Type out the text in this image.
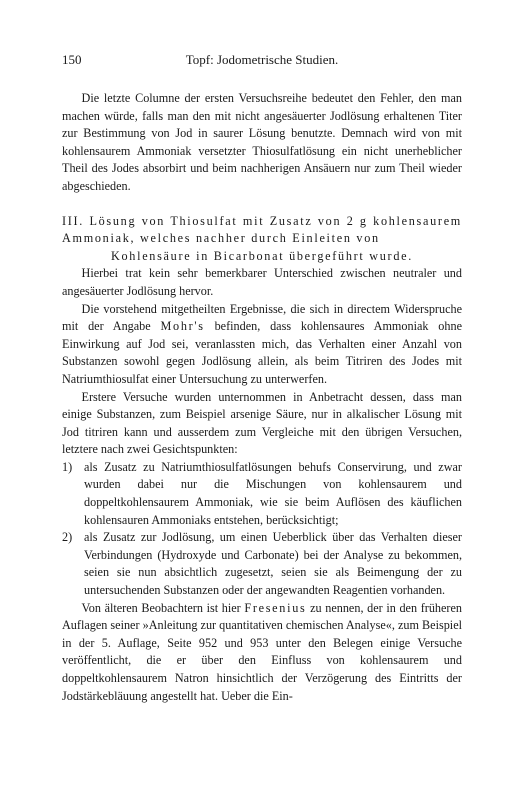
150	Topf: Jodometrische Studien.

Die letzte Columne der ersten Versuchsreihe bedeutet den Fehler, den man machen würde, falls man den mit nicht angesäuerter Jodlösung erhaltenen Titer zur Bestimmung von Jod in saurer Lösung benutzte. Demnach wird von mit kohlensaurem Ammoniak versetzter Thiosulfatlösung ein nicht unerheblicher Theil des Jodes absorbirt und beim nachherigen Ansäuern nur zum Theil wieder abgeschieden.

III. Lösung von Thiosulfat mit Zusatz von 2 g kohlensaurem Ammoniak, welches nachher durch Einleiten von
Kohlensäure in Bicarbonat übergeführt wurde.

Hierbei trat kein sehr bemerkbarer Unterschied zwischen neutraler und angesäuerter Jodlösung hervor.

Die vorstehend mitgetheilten Ergebnisse, die sich in directem Widerspruche mit der Angabe Mohr's befinden, dass kohlensaures Ammoniak ohne Einwirkung auf Jod sei, veranlassten mich, das Verhalten einer Anzahl von Substanzen sowohl gegen Jodlösung allein, als beim Titriren des Jodes mit Natriumthiosulfat einer Untersuchung zu unterwerfen.

Erstere Versuche wurden unternommen in Anbetracht dessen, dass man einige Substanzen, zum Beispiel arsenige Säure, nur in alkalischer Lösung mit Jod titriren kann und ausserdem zum Vergleiche mit den übrigen Versuchen, letztere nach zwei Gesichtspunkten:

1) als Zusatz zu Natriumthiosulfatlösungen behufs Conservirung, und zwar wurden dabei nur die Mischungen von kohlensaurem und doppeltkohlensaurem Ammoniak, wie sie beim Auflösen des käuflichen kohlensauren Ammoniaks entstehen, berücksichtigt;
2) als Zusatz zur Jodlösung, um einen Ueberblick über das Verhalten dieser Verbindungen (Hydroxyde und Carbonate) bei der Analyse zu bekommen, seien sie nun absichtlich zugesetzt, seien sie als Beimengung der zu untersuchenden Substanzen oder der angewandten Reagentien vorhanden.

Von älteren Beobachtern ist hier Fresenius zu nennen, der in den früheren Auflagen seiner »Anleitung zur quantitativen chemischen Analyse«, zum Beispiel in der 5. Auflage, Seite 952 und 953 unter den Belegen einige Versuche veröffentlicht, die er über den Einfluss von kohlensaurem und doppeltkohlensaurem Natron hinsichtlich der Verzögerung des Eintritts der Jodstärkebläuung angestellt hat. Ueber die Ein-
